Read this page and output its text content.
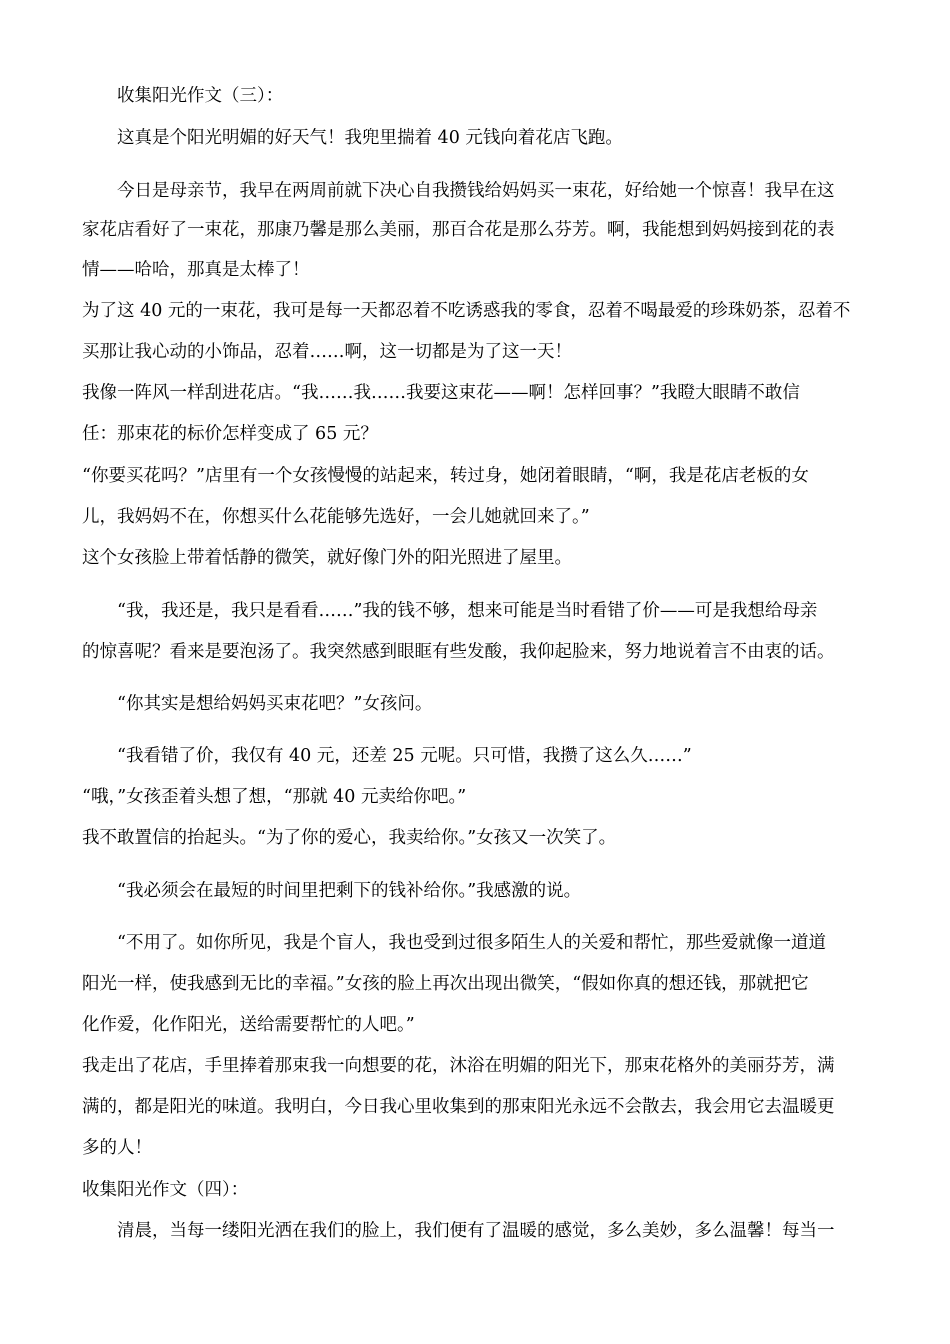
收集阳光作文（三）：
这真是个阳光明媚的好天气！我兜里揣着 40 元钱向着花店飞跑。
今日是母亲节，我早在两周前就下决心自我攒钱给妈妈买一束花，好给她一个惊喜！我早在这
家花店看好了一束花，那康乃馨是那么美丽，那百合花是那么芬芳。啊，我能想到妈妈接到花的表
情——哈哈，那真是太棒了！
为了这 40 元的一束花，我可是每一天都忍着不吃诱惑我的零食，忍着不喝最爱的珍珠奶茶，忍着不
买那让我心动的小饰品，忍着……啊，这一切都是为了这一天！
我像一阵风一样刮进花店。“我……我……我要这束花——啊！怎样回事？”我瞪大眼睛不敢信
任：那束花的标价怎样变成了 65 元？
“你要买花吗？”店里有一个女孩慢慢的站起来，转过身，她闭着眼睛，“啊，我是花店老板的女
儿，我妈妈不在，你想买什么花能够先选好，一会儿她就回来了。”
这个女孩脸上带着恬静的微笑，就好像门外的阳光照进了屋里。
“我，我还是，我只是看看……”我的钱不够，想来可能是当时看错了价——可是我想给母亲
的惊喜呢？看来是要泡汤了。我突然感到眼眶有些发酸，我仰起脸来，努力地说着言不由衷的话。
“你其实是想给妈妈买束花吧？”女孩问。
“我看错了价，我仅有 40 元，还差 25 元呢。只可惜，我攒了这么久……”
“哦，”女孩歪着头想了想，“那就 40 元卖给你吧。”
我不敢置信的抬起头。“为了你的爱心，我卖给你。”女孩又一次笑了。
“我必须会在最短的时间里把剩下的钱补给你。”我感激的说。
“不用了。如你所见，我是个盲人，我也受到过很多陌生人的关爱和帮忙，那些爱就像一道道
阳光一样，使我感到无比的幸福。”女孩的脸上再次出现出微笑，“假如你真的想还钱，那就把它
化作爱，化作阳光，送给需要帮忙的人吧。”
我走出了花店，手里捧着那束我一向想要的花，沐浴在明媚的阳光下，那束花格外的美丽芬芳，满
满的，都是阳光的味道。我明白，今日我心里收集到的那束阳光永远不会散去，我会用它去温暖更
多的人！
收集阳光作文（四）：
清晨，当每一缕阳光洒在我们的脸上，我们便有了温暖的感觉，多么美妙，多么温馨！每当一
